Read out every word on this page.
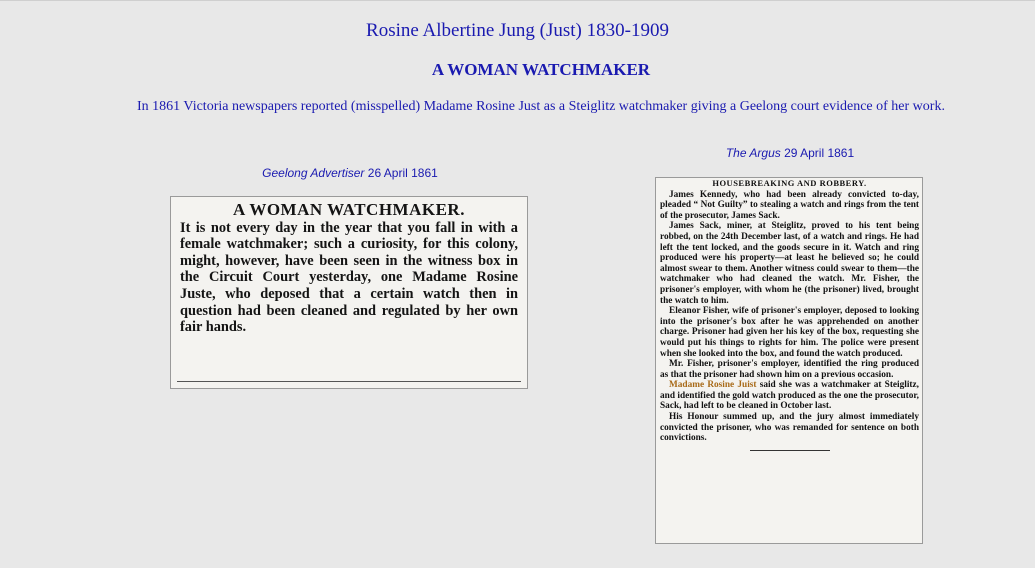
Rosine Albertine Jung (Just) 1830-1909
A WOMAN WATCHMAKER
In 1861 Victoria newspapers reported (misspelled) Madame Rosine Just as a Steiglitz watchmaker giving a Geelong court evidence of her work.
Geelong Advertiser 26 April 1861
The Argus 29 April 1861
A WOMAN WATCHMAKER.
It is not every day in the year that you fall in with a female watchmaker; such a curiosity, for this colony, might, however, have been seen in the witness box in the Circuit Court yesterday, one Madame Rosine Juste, who deposed that a certain watch then in question had been cleaned and regulated by her own fair hands.
HOUSEBREAKING AND ROBBERY.

James Kennedy, who had been already convicted to-day, pleaded “ Not Guilty” to stealing a watch and rings from the tent of the prosecutor, James Sack.

James Sack, miner, at Steiglitz, proved to his tent being robbed, on the 24th December last, of a watch and rings. He had left the tent locked, and the goods secure in it. Watch and ring produced were his property—at least he believed so; he could almost swear to them. Another witness could swear to them—the watchmaker who had cleaned the watch. Mr. Fisher, the prisoner's employer, with whom he (the prisoner) lived, brought the watch to him.

Eleanor Fisher, wife of prisoner's employer, deposed to looking into the prisoner's box after he was apprehended on another charge. Prisoner had given her his key of the box, requesting she would put his things to rights for him. The police were present when she looked into the box, and found the watch produced.

Mr. Fisher, prisoner's employer, identified the ring produced as that the prisoner had shown him on a previous occasion.

Madame Rosine Juist said she was a watchmaker at Steiglitz, and identified the gold watch produced as the one the prosecutor, Sack, had left to be cleaned in October last.

His Honour summed up, and the jury almost immediately convicted the prisoner, who was remanded for sentence on both convictions.
